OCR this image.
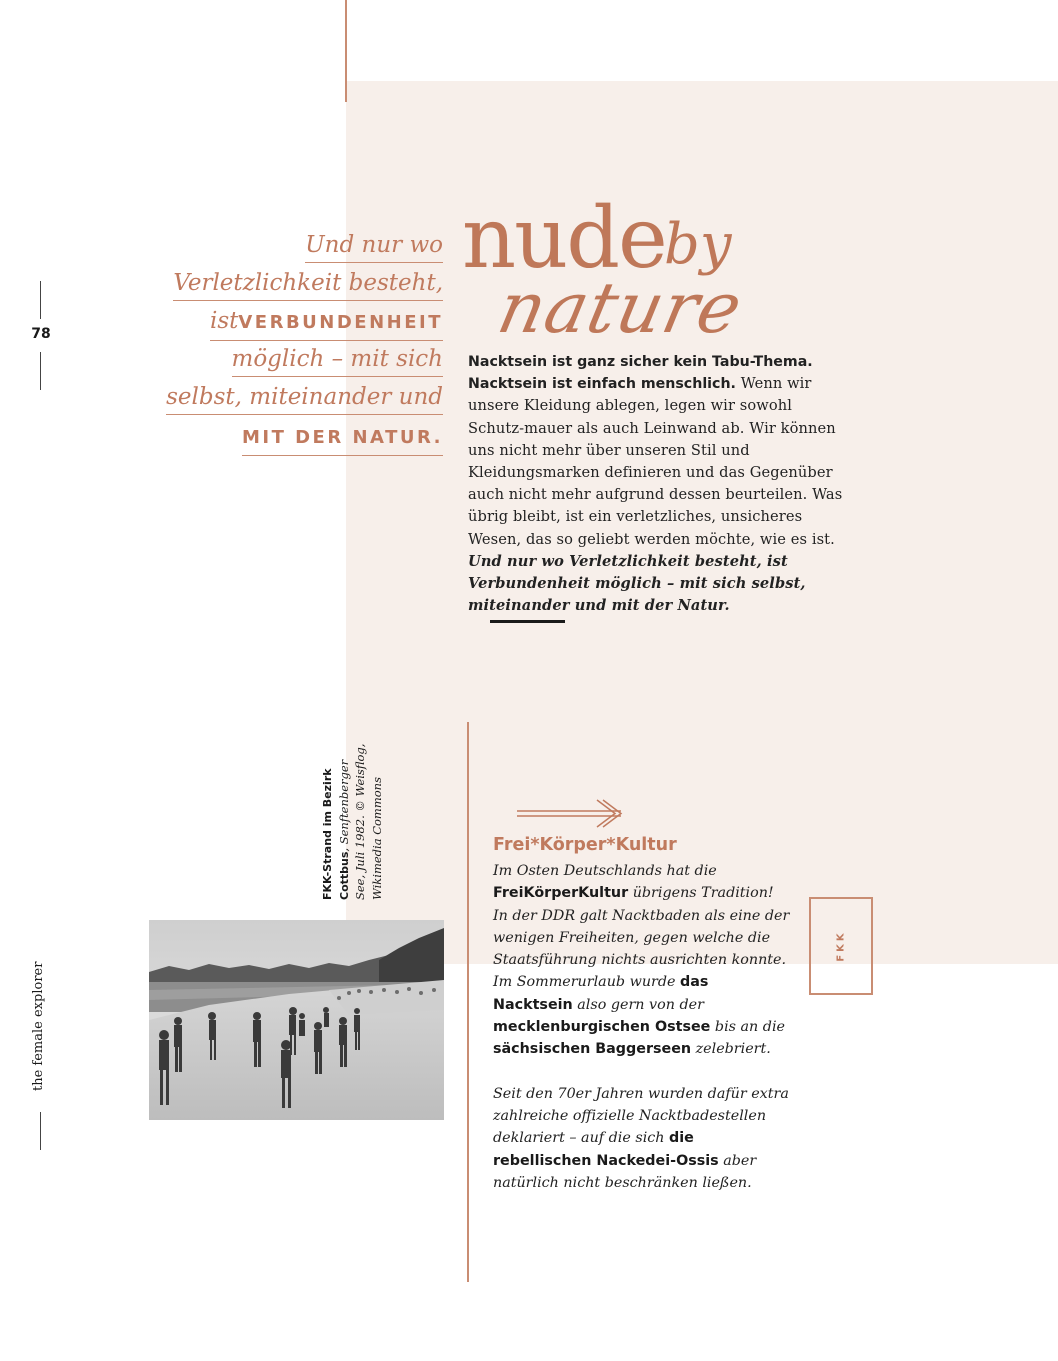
78
the female explorer
Und nur wo
Verletzlichkeit besteht,
istVERBUNDENHEIT
möglich – mit sich
selbst, miteinander und
MIT DER NATUR.
nude
by
nature
Nacktsein ist ganz sicher kein Tabu-Thema. Nacktsein ist einfach menschlich. Wenn wir unsere Kleidung ablegen, legen wir sowohl Schutz-mauer als auch Leinwand ab. Wir können uns nicht mehr über unseren Stil und Kleidungsmarken definieren und das Gegenüber auch nicht mehr aufgrund dessen beurteilen. Was übrig bleibt, ist ein verletzliches, unsicheres Wesen, das so geliebt werden möchte, wie es ist. Und nur wo Verletzlichkeit besteht, ist Verbundenheit möglich – mit sich selbst, miteinander und mit der Natur.
FKK-Strand im Bezirk Cottbus, Senftenberger See, Juli 1982. © Weisflog, Wikimedia Commons	Frei*Körper*Kultur

Im Osten Deutschlands hat die FreiKörperKultur übrigens Tradition! In der DDR galt Nacktbaden als eine der wenigen Freiheiten, gegen welche die Staatsführung nichts ausrichten konnte. Im Sommerurlaub wurde das Nacktsein also gern von der mecklenburgischen Ostsee bis an die sächsischen Baggerseen zelebriert.

Seit den 70er Jahren wurden dafür extra zahlreiche offizielle Nacktbadestellen deklariert – auf die sich die rebellischen Nackedei-Ossis aber natürlich nicht beschränken ließen.

FKK
